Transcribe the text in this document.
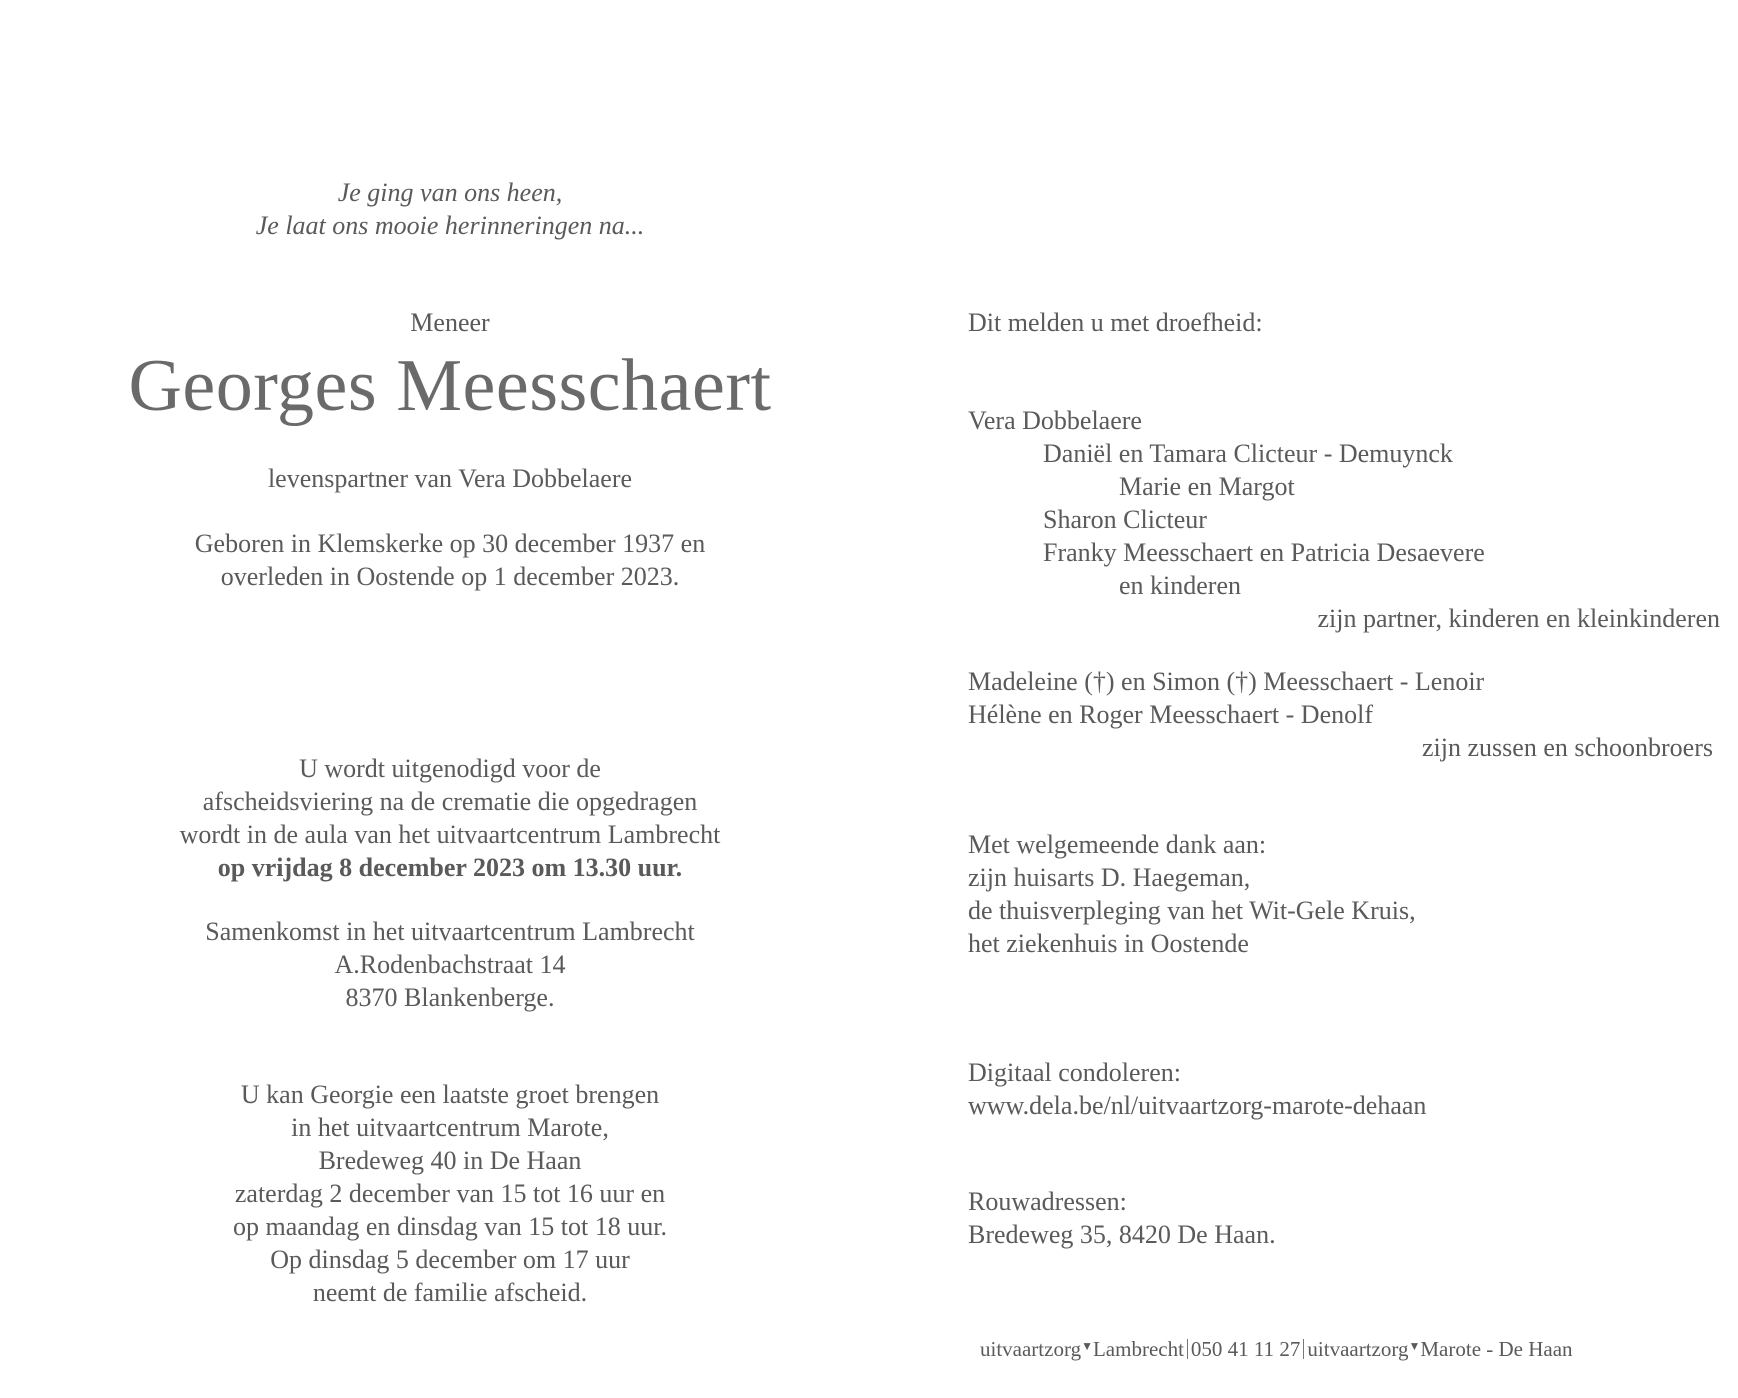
Je ging van ons heen,

Je laat ons mooie herinneringen na...

Meneer

Georges Meesschaert

levenspartner van Vera Dobbelaere

Geboren in Klemskerke op 30 december 1937 en

overleden in Oostende op 1 december 2023.

U wordt uitgenodigd voor de

afscheidsviering na de crematie die opgedragen

wordt in de aula van het uitvaartcentrum Lambrecht

op vrijdag 8 december 2023 om 13.30 uur.

Samenkomst in het uitvaartcentrum Lambrecht

A.Rodenbachstraat 14

8370 Blankenberge.

U kan Georgie een laatste groet brengen

in het uitvaartcentrum Marote,

Bredeweg 40 in De Haan

zaterdag 2 december van 15 tot 16 uur en

op maandag en dinsdag van 15 tot 18 uur.

Op dinsdag 5 december om 17 uur

neemt de familie afscheid.

Dit melden u met droefheid:
Vera Dobbelaere
Daniël en Tamara Clicteur - Demuynck
Marie en Margot
Sharon Clicteur
Franky Meesschaert en Patricia Desaevere
en kinderen
zijn partner, kinderen en kleinkinderen
Madeleine (†) en Simon (†) Meesschaert - Lenoir
Hélène en Roger Meesschaert - Denolf
zijn zussen en schoonbroers
Met welgemeende dank aan:
zijn huisarts D. Haegeman,
de thuisverpleging van het Wit-Gele Kruis,
het ziekenhuis in Oostende
Digitaal condoleren:
www.dela.be/nl/uitvaartzorg-marote-dehaan
Rouwadressen:
Bredeweg 35, 8420 De Haan.
uitvaartzorg▼Lambrecht 050 41 11 27 uitvaartzorg▼Marote - De Haan
